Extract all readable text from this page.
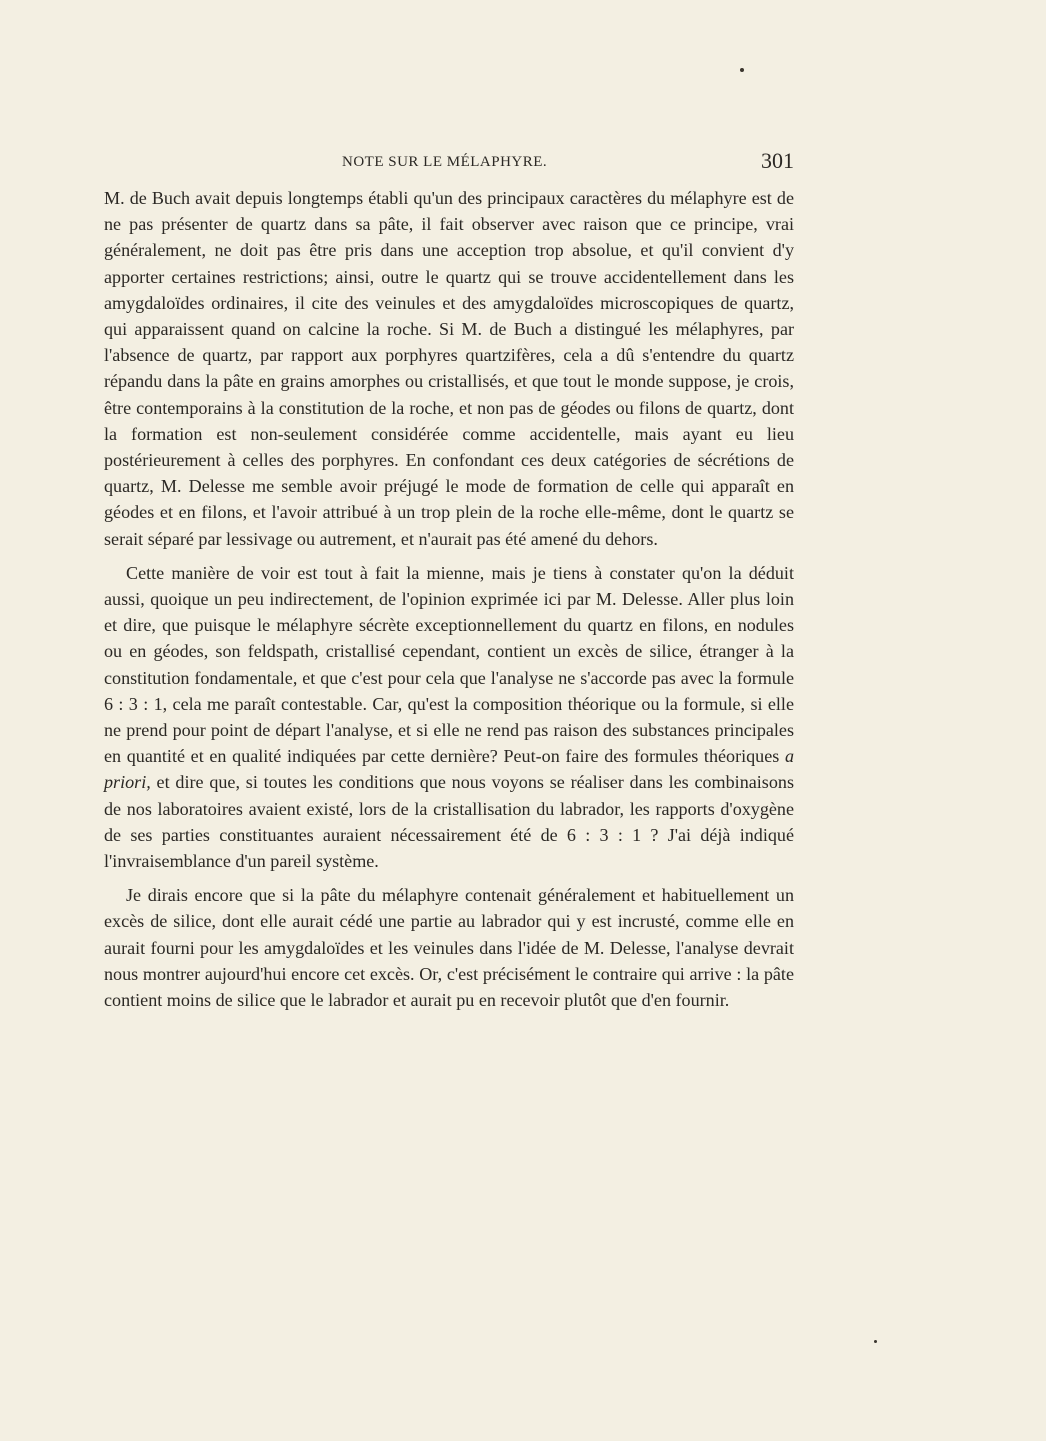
NOTE SUR LE MÉLAPHYRE.	301

M. de Buch avait depuis longtemps établi qu'un des principaux caractères du mélaphyre est de ne pas présenter de quartz dans sa pâte, il fait observer avec raison que ce principe, vrai généralement, ne doit pas être pris dans une acception trop absolue, et qu'il convient d'y apporter certaines restrictions; ainsi, outre le quartz qui se trouve accidentellement dans les amygdaloïdes ordinaires, il cite des veinules et des amygdaloïdes microscopiques de quartz, qui apparaissent quand on calcine la roche. Si M. de Buch a distingué les mélaphyres, par l'absence de quartz, par rapport aux porphyres quartzifères, cela a dû s'entendre du quartz répandu dans la pâte en grains amorphes ou cristallisés, et que tout le monde suppose, je crois, être contemporains à la constitution de la roche, et non pas de géodes ou filons de quartz, dont la formation est non-seulement considérée comme accidentelle, mais ayant eu lieu postérieurement à celles des porphyres. En confondant ces deux catégories de sécrétions de quartz, M. Delesse me semble avoir préjugé le mode de formation de celle qui apparaît en géodes et en filons, et l'avoir attribué à un trop plein de la roche elle-même, dont le quartz se serait séparé par lessivage ou autrement, et n'aurait pas été amené du dehors.

Cette manière de voir est tout à fait la mienne, mais je tiens à constater qu'on la déduit aussi, quoique un peu indirectement, de l'opinion exprimée ici par M. Delesse. Aller plus loin et dire, que puisque le mélaphyre sécrète exceptionnellement du quartz en filons, en nodules ou en géodes, son feldspath, cristallisé cependant, contient un excès de silice, étranger à la constitution fondamentale, et que c'est pour cela que l'analyse ne s'accorde pas avec la formule 6 : 3 : 1, cela me paraît contestable. Car, qu'est la composition théorique ou la formule, si elle ne prend pour point de départ l'analyse, et si elle ne rend pas raison des substances principales en quantité et en qualité indiquées par cette dernière? Peut-on faire des formules théoriques a priori, et dire que, si toutes les conditions que nous voyons se réaliser dans les combinaisons de nos laboratoires avaient existé, lors de la cristallisation du labrador, les rapports d'oxygène de ses parties constituantes auraient nécessairement été de 6 : 3 : 1 ? J'ai déjà indiqué l'invraisemblance d'un pareil système.

Je dirais encore que si la pâte du mélaphyre contenait généralement et habituellement un excès de silice, dont elle aurait cédé une partie au labrador qui y est incrusté, comme elle en aurait fourni pour les amygdaloïdes et les veinules dans l'idée de M. Delesse, l'analyse devrait nous montrer aujourd'hui encore cet excès. Or, c'est précisément le contraire qui arrive : la pâte contient moins de silice que le labrador et aurait pu en recevoir plutôt que d'en fournir.
